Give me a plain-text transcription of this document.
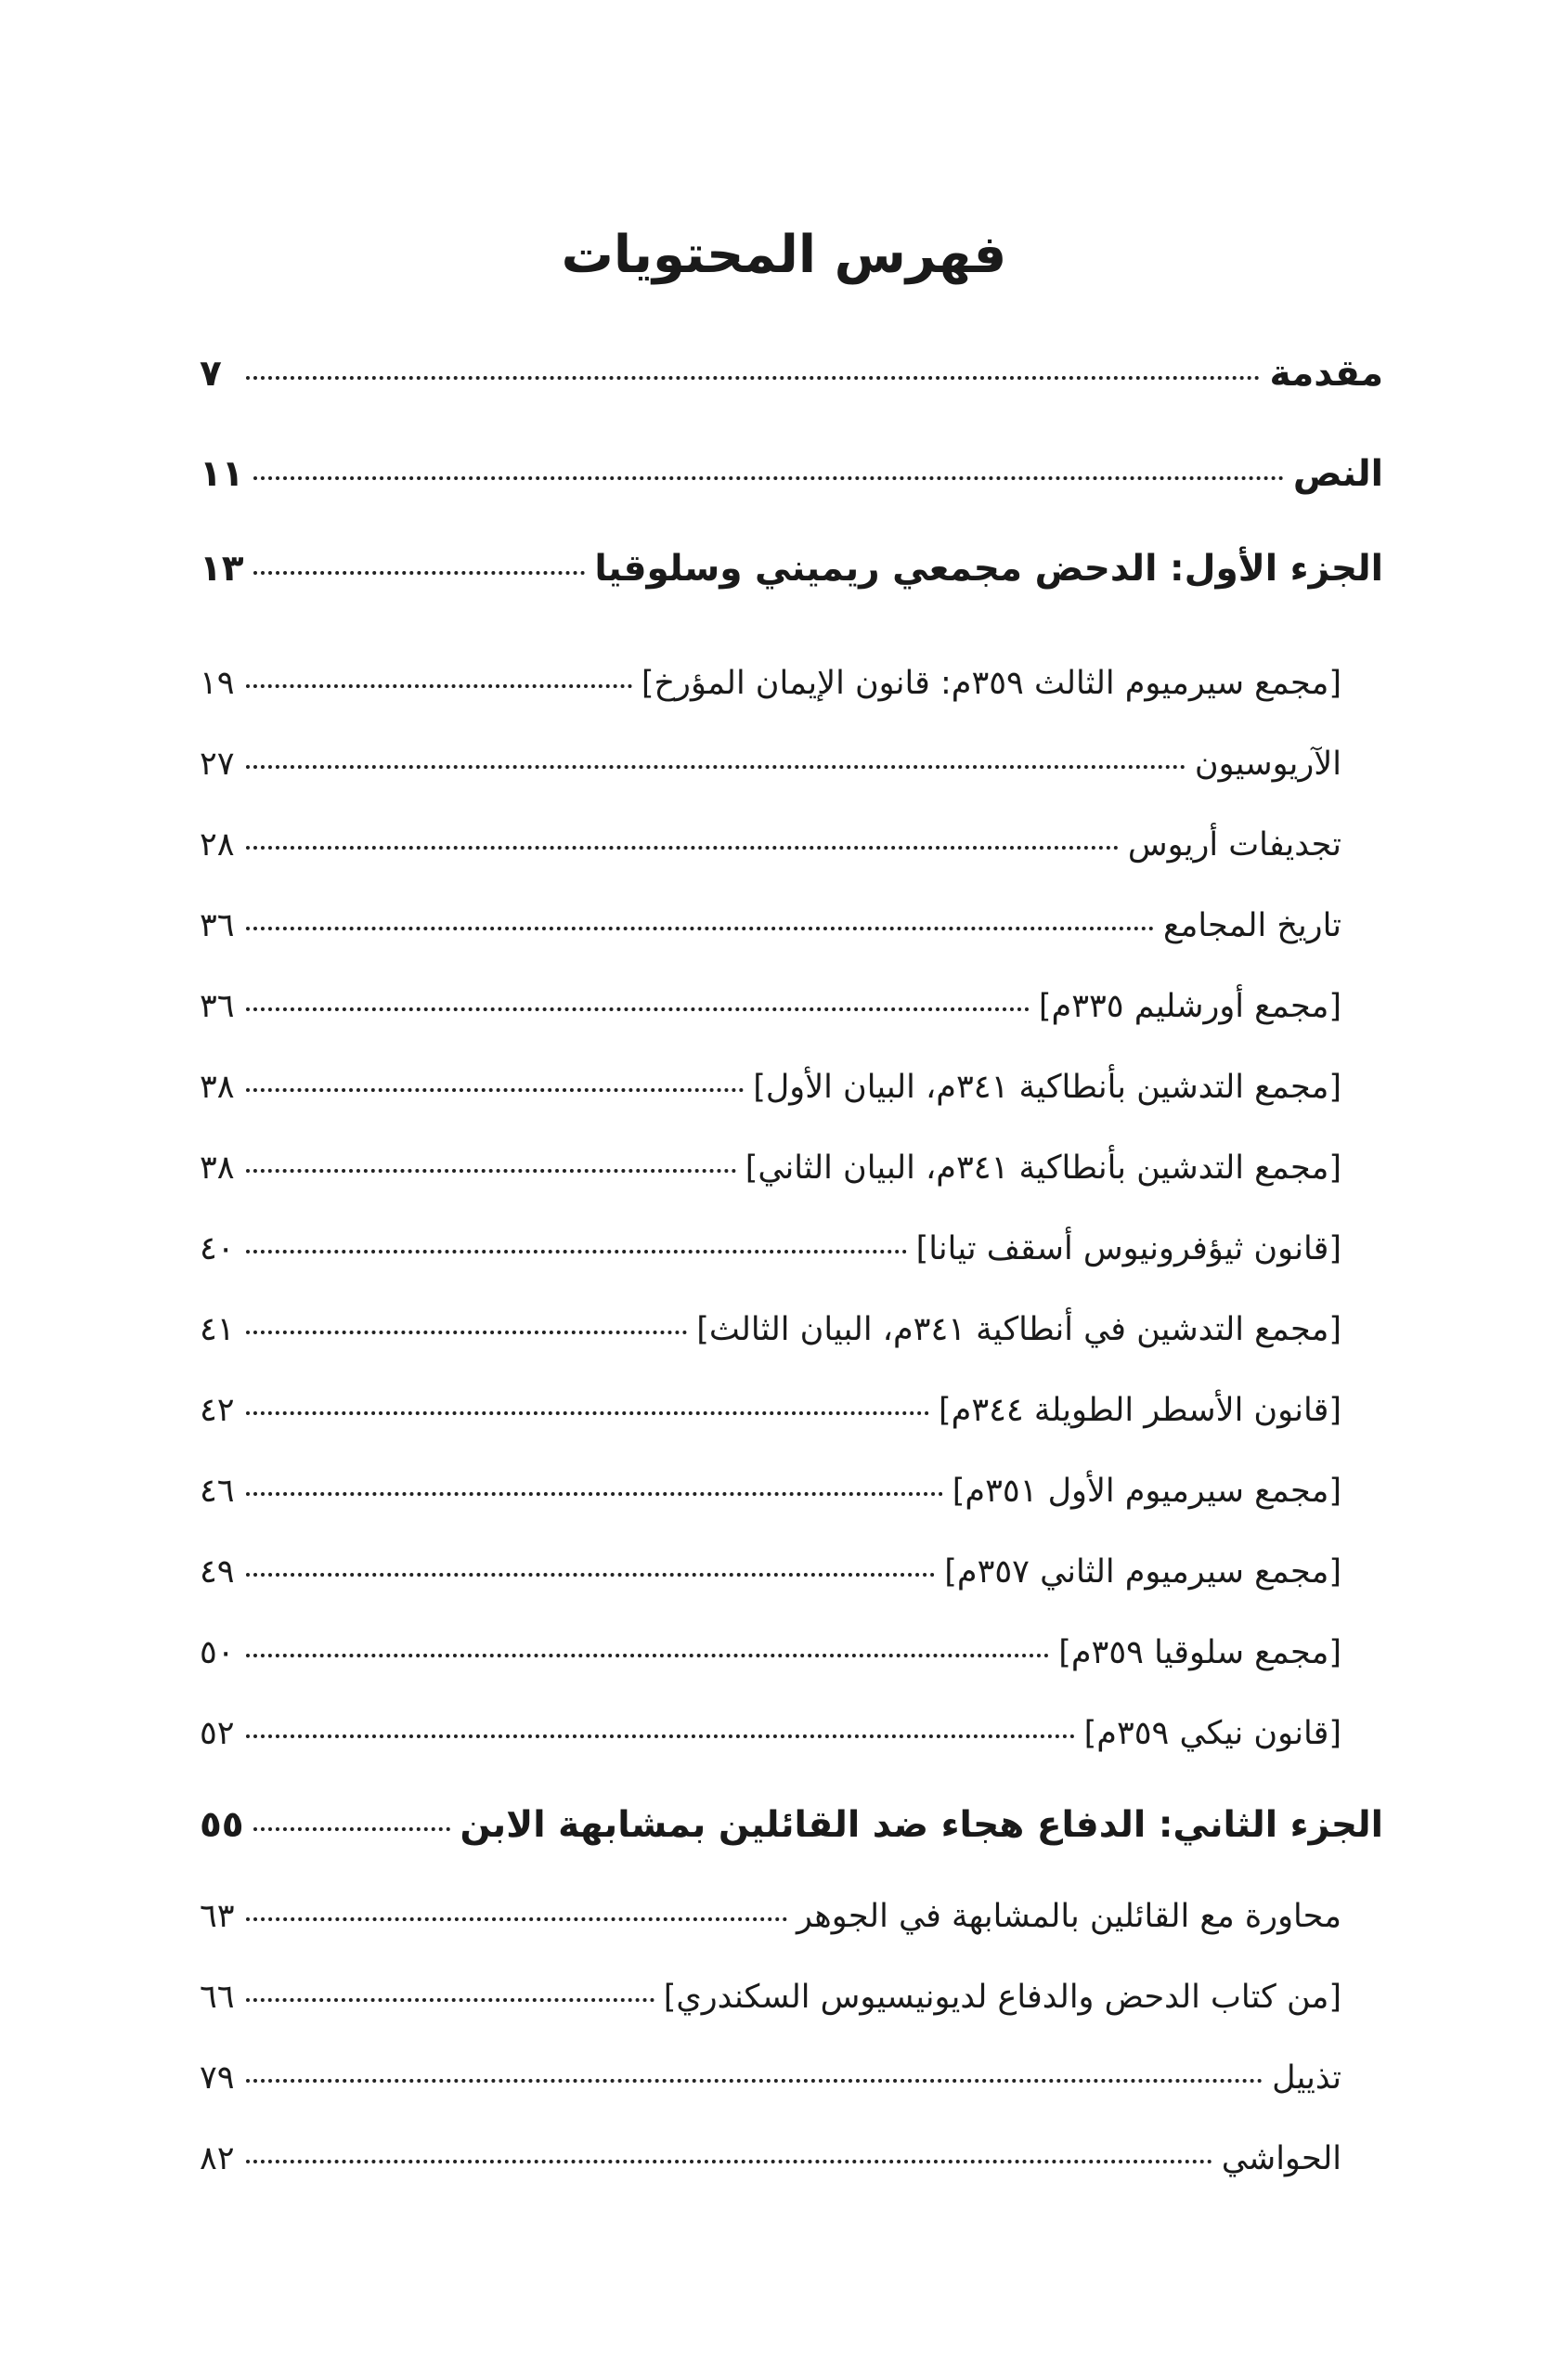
فهرس المحتويات
مقدمة
٧
النص
١١
الجزء الأول: الدحض مجمعي ريميني وسلوقيا
١٣
[مجمع سيرميوم الثالث ٣٥٩م: قانون الإيمان المؤرخ]
١٩
الآريوسيون
٢٧
تجديفات أريوس
٢٨
تاريخ المجامع
٣٦
[مجمع أورشليم ٣٣٥م]
٣٦
[مجمع التدشين بأنطاكية ٣٤١م، البيان الأول]
٣٨
[مجمع التدشين بأنطاكية ٣٤١م، البيان الثاني]
٣٨
[قانون ثيؤفرونيوس أسقف تيانا]
٤٠
[مجمع التدشين في أنطاكية ٣٤١م، البيان الثالث]
٤١
[قانون الأسطر الطويلة ٣٤٤م]
٤٢
[مجمع سيرميوم الأول ٣٥١م]
٤٦
[مجمع سيرميوم الثاني ٣٥٧م]
٤٩
[مجمع سلوقيا ٣٥٩م]
٥٠
[قانون نيكي ٣٥٩م]
٥٢
الجزء الثاني: الدفاع هجاء ضد القائلين بمشابهة الابن
٥٥
محاورة مع القائلين بالمشابهة في الجوهر
٦٣
[من كتاب الدحض والدفاع لديونيسيوس السكندري]
٦٦
تذييل
٧٩
الحواشي
٨٢
